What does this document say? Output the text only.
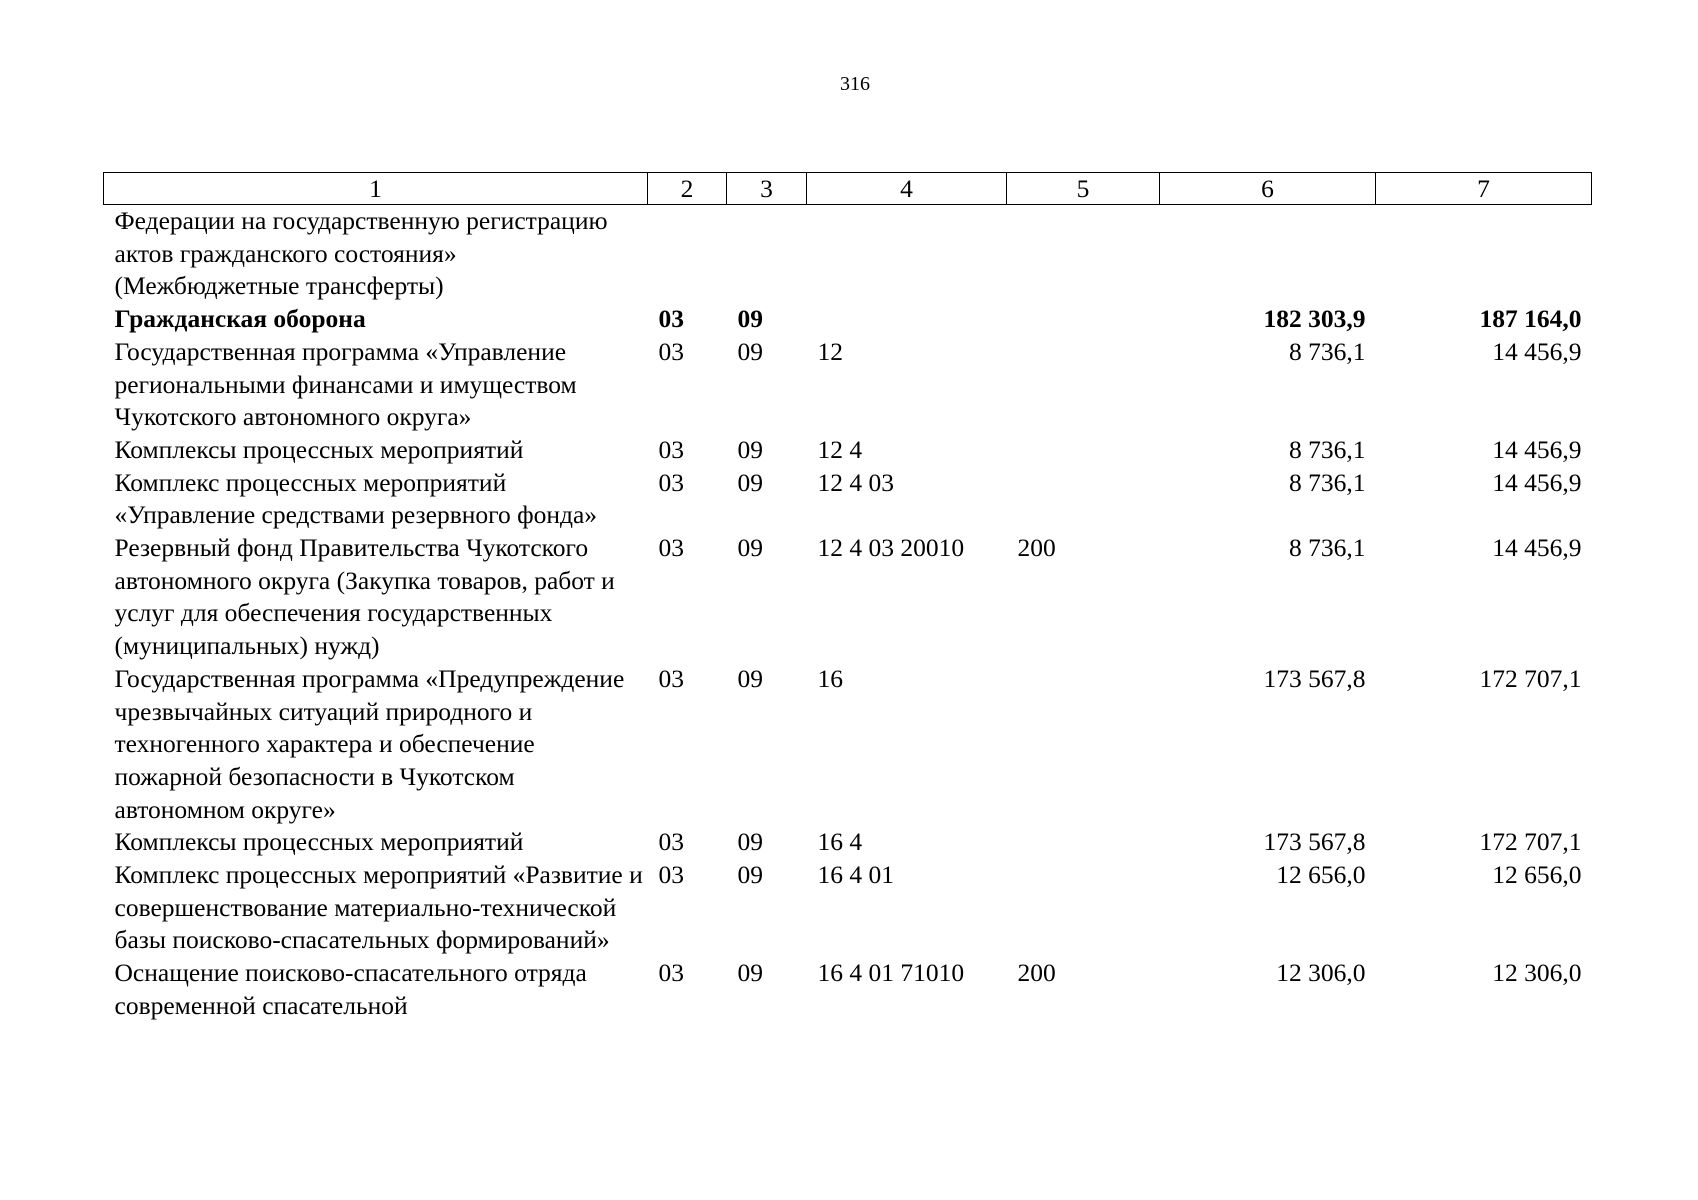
316
1	2	3	4	5	6	7
Федерации на государственную регистрацию актов гражданского состояния» (Межбюджетные трансферты)						
Гражданская оборона	03	09			182 303,9	187 164,0
Государственная программа «Управление региональными финансами и имуществом Чукотского автономного округа»	03	09	12		8 736,1	14 456,9
Комплексы процессных мероприятий	03	09	12 4		8 736,1	14 456,9
Комплекс процессных мероприятий «Управление средствами резервного фонда»	03	09	12 4 03		8 736,1	14 456,9
Резервный фонд Правительства Чукотского автономного округа (Закупка товаров, работ и услуг для обеспечения государственных (муниципальных) нужд)	03	09	12 4 03 20010	200	8 736,1	14 456,9
Государственная программа «Предупреждение чрезвычайных ситуаций природного и техногенного характера и обеспечение пожарной безопасности в Чукотском автономном округе»	03	09	16		173 567,8	172 707,1
Комплексы процессных мероприятий	03	09	16 4		173 567,8	172 707,1
Комплекс процессных мероприятий «Развитие и совершенствование материально-технической базы поисково-спасательных формирований»	03	09	16 4 01		12 656,0	12 656,0
Оснащение поисково-спасательного отряда современной спасательной	03	09	16 4 01 71010	200	12 306,0	12 306,0
